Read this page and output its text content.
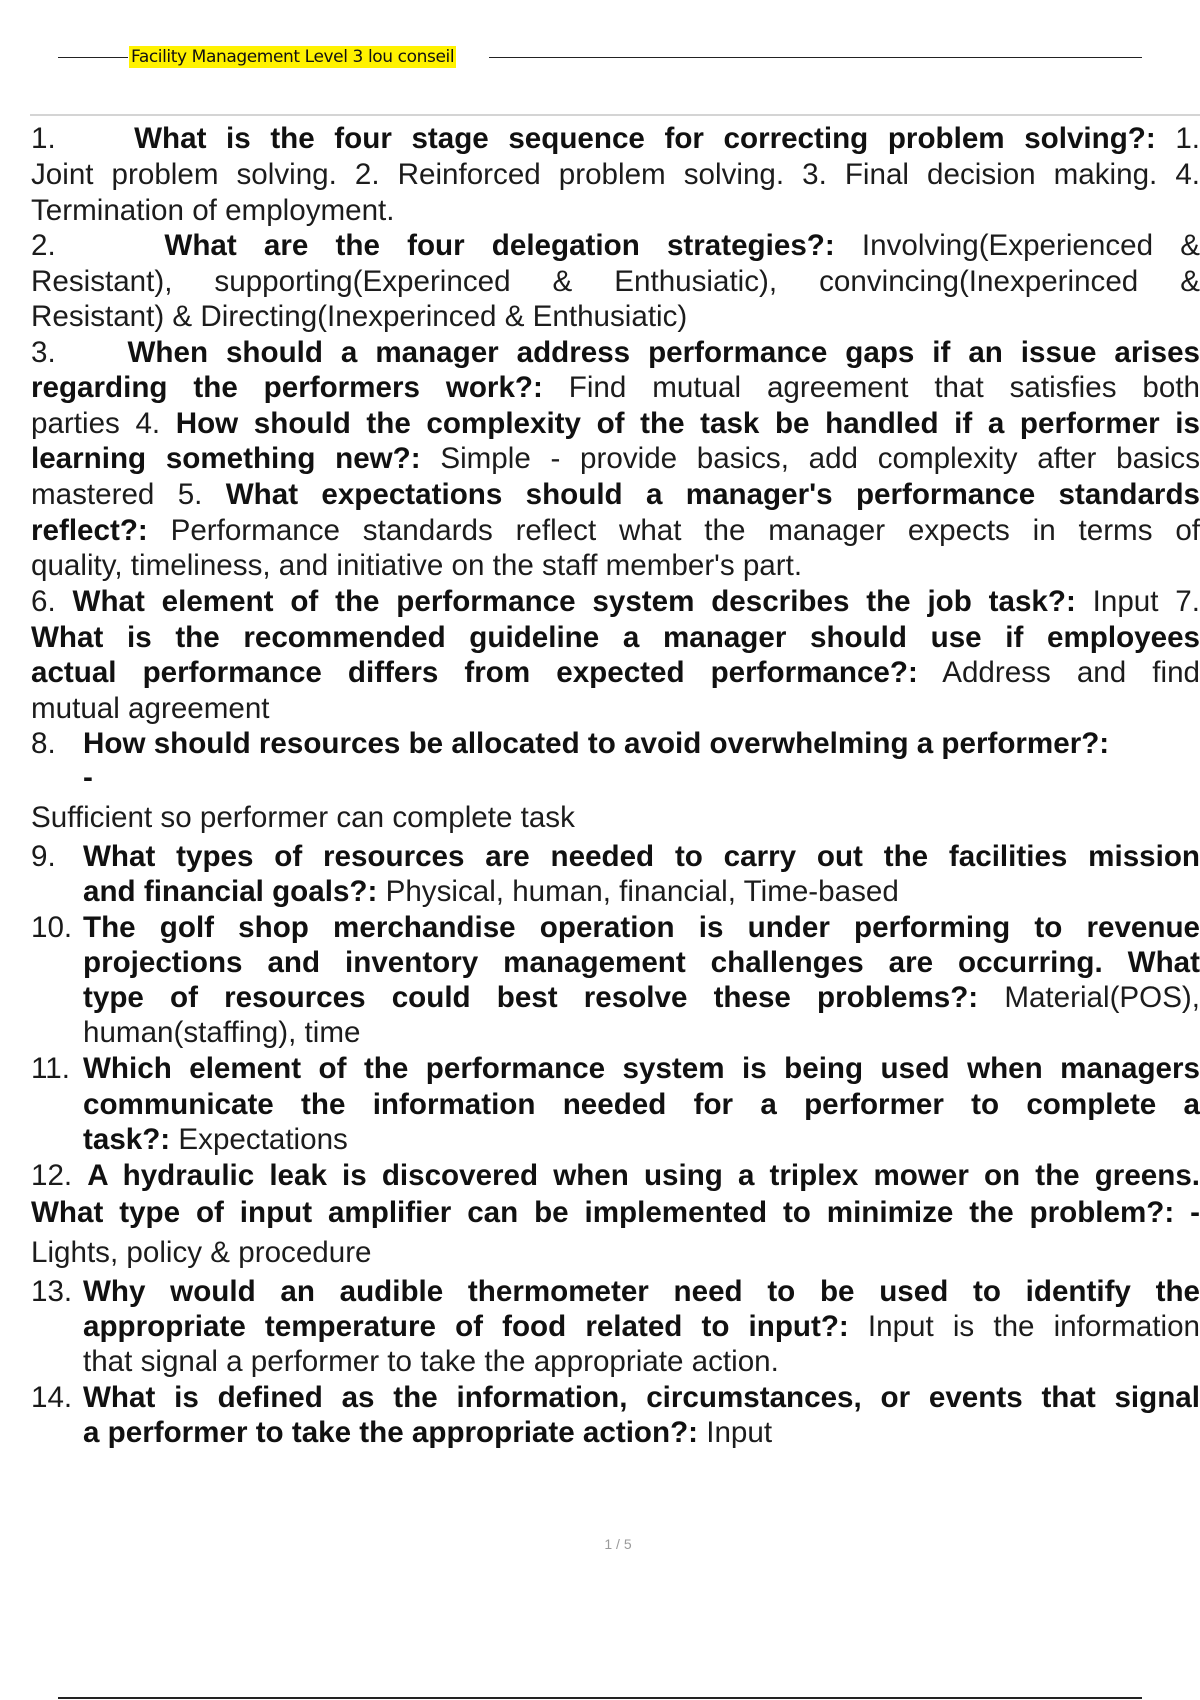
Facility Management Level 3 lou conseil
1.	What is the four stage sequence for correcting problem solving?: 1.
Joint problem solving. 2. Reinforced problem solving. 3. Final decision making. 4.
Termination of employment.
2.	What are the four delegation strategies?: Involving(Experienced &
Resistant), supporting(Experinced & Enthusiatic), convincing(Inexperinced &
Resistant) & Directing(Inexperinced & Enthusiatic)
3. When should a manager address performance gaps if an issue arises
regarding the performers work?: Find mutual agreement that satisfies both
parties 4. How should the complexity of the task be handled if a performer is
learning something new?: Simple - provide basics, add complexity after basics
mastered 5. What expectations should a manager's performance standards
reflect?: Performance standards reflect what the manager expects in terms of
quality, timeliness, and initiative on the staff member's part.
6. What element of the performance system describes the job task?: Input 7.
What is the recommended guideline a manager should use if employees
actual performance differs from expected performance?: Address and find
mutual agreement
8. How should resources be allocated to avoid overwhelming a performer?:
-
Sufficient so performer can complete task
9. What types of resources are needed to carry out the facilities mission
and financial goals?: Physical, human, financial, Time-based
10. The golf shop merchandise operation is under performing to revenue
projections and inventory management challenges are occurring. What
type of resources could best resolve these problems?: Material(POS),
human(staffing), time
11. Which element of the performance system is being used when managers
communicate the information needed for a performer to complete a
task?: Expectations
12. A hydraulic leak is discovered when using a triplex mower on the greens.
What type of input amplifier can be implemented to minimize the problem?: -
Lights, policy & procedure
13. Why would an audible thermometer need to be used to identify the
appropriate temperature of food related to input?: Input is the information
that signal a performer to take the appropriate action.
14. What is defined as the information, circumstances, or events that signal
a performer to take the appropriate action?: Input
1 / 5
